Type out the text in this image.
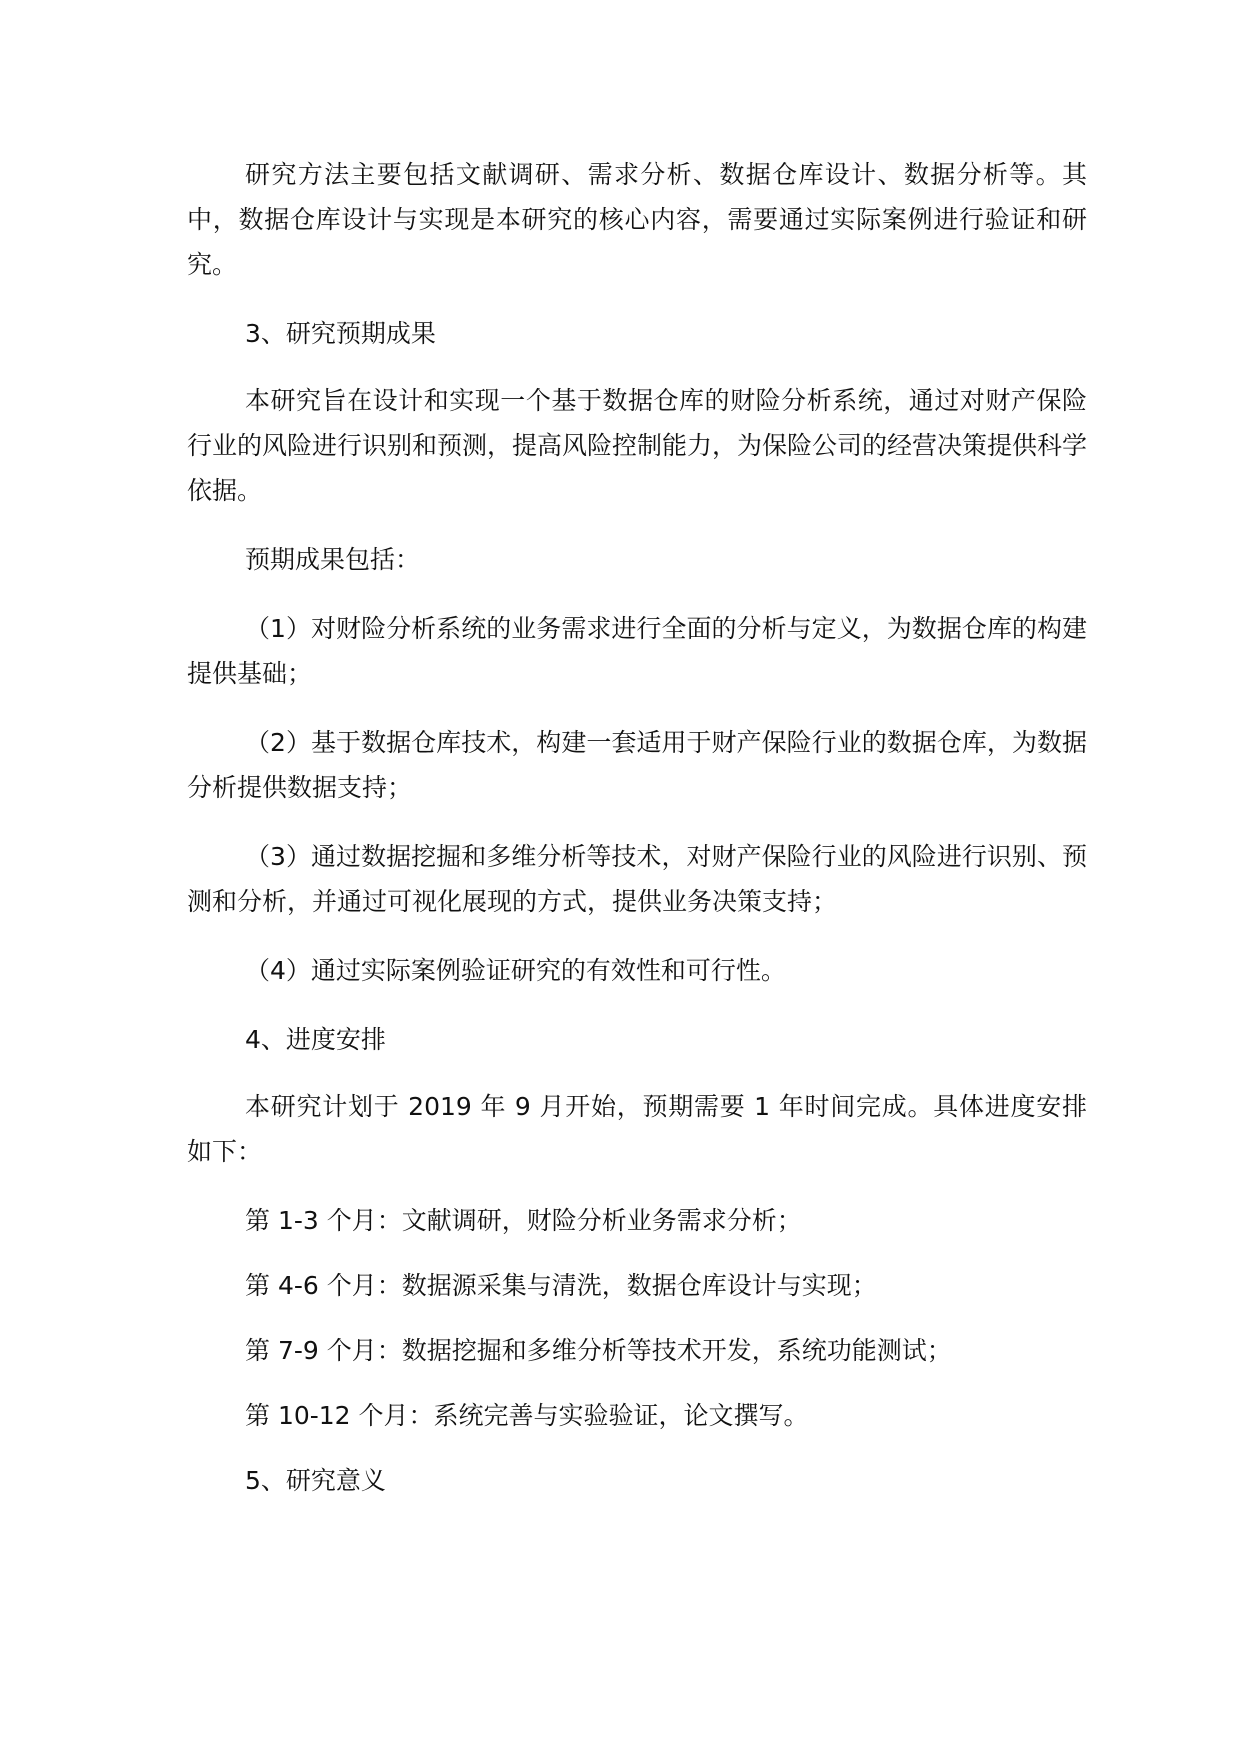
研究方法主要包括文献调研、需求分析、数据仓库设计、数据分析等。其中，数据仓库设计与实现是本研究的核心内容，需要通过实际案例进行验证和研究。

3、研究预期成果

本研究旨在设计和实现一个基于数据仓库的财险分析系统，通过对财产保险行业的风险进行识别和预测，提高风险控制能力，为保险公司的经营决策提供科学依据。

预期成果包括：

（1）对财险分析系统的业务需求进行全面的分析与定义，为数据仓库的构建提供基础；

（2）基于数据仓库技术，构建一套适用于财产保险行业的数据仓库，为数据分析提供数据支持；

（3）通过数据挖掘和多维分析等技术，对财产保险行业的风险进行识别、预测和分析，并通过可视化展现的方式，提供业务决策支持；

（4）通过实际案例验证研究的有效性和可行性。

4、进度安排

本研究计划于 2019 年 9 月开始，预期需要 1 年时间完成。具体进度安排如下：

第 1-3 个月：文献调研，财险分析业务需求分析；

第 4-6 个月：数据源采集与清洗，数据仓库设计与实现；

第 7-9 个月：数据挖掘和多维分析等技术开发，系统功能测试；

第 10-12 个月：系统完善与实验验证，论文撰写。

5、研究意义
